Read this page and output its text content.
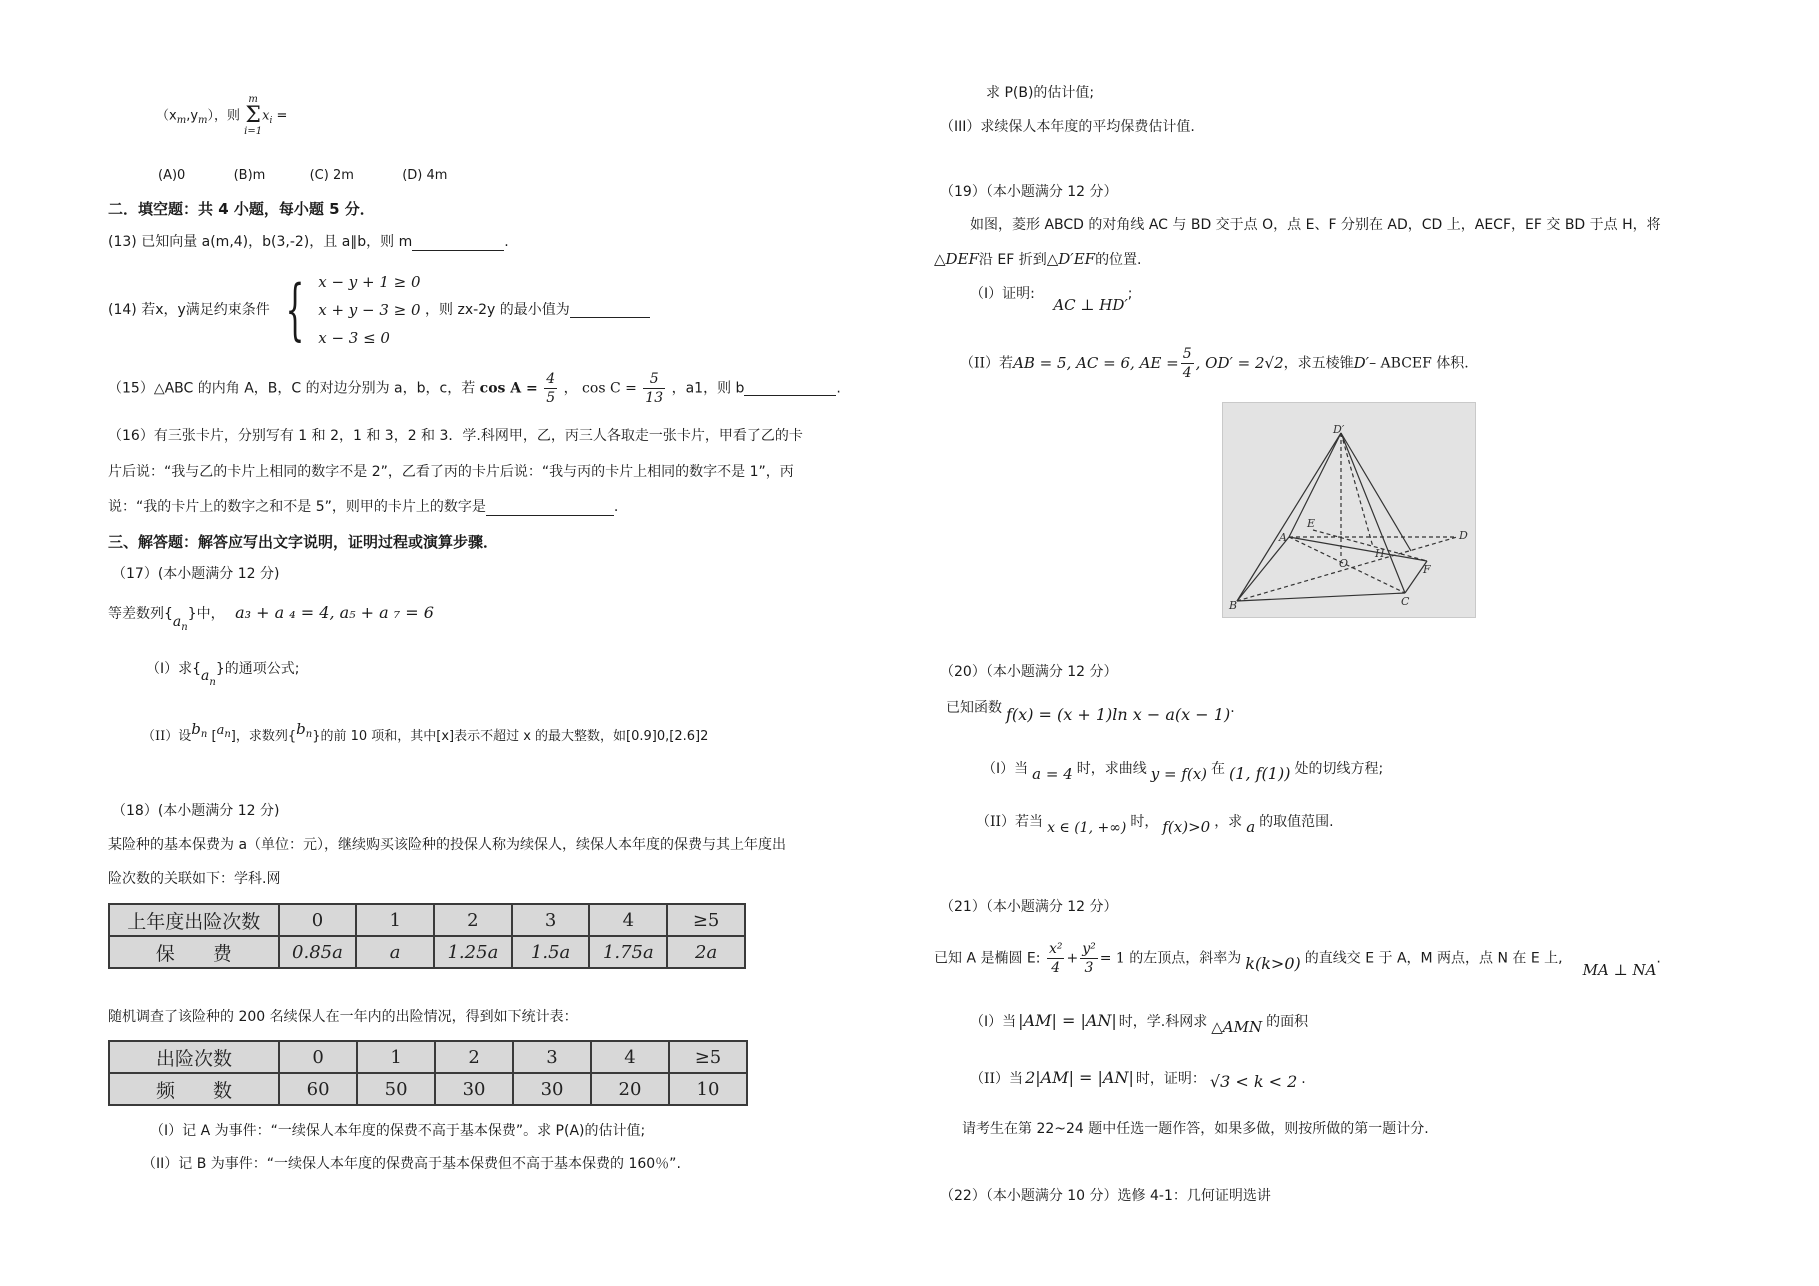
$(x_m,y_m)$，则
m
Σ
i=1
$x_i$ =
(A)0	(B)m	(C) 2m	(D) 4m
二．填空题：共 4 小题，每小题 5 分．
(13) 已知向量 a(m,4)，b(3,-2)，且 a∥b，则 m	.
(14) 若x，y满足约束条件 { x − y + 1 ≥ 0
x + y − 3 ≥ 0
x − 3 ≤ 0
，则 zx-2y 的最小值为
（15）△ABC 的内角 A，B，C 的对边分别为 a，b，c，若 $\cos A = \frac{4}{5}$ ， $\cos C = \frac{5}{13}$ ，a1，则 b	.
（16）有三张卡片，分别写有 1 和 2，1 和 3，2 和 3．学.科网甲，乙，丙三人各取走一张卡片，甲看了乙的卡
片后说：“我与乙的卡片上相同的数字不是 2”，乙看了丙的卡片后说：“我与丙的卡片上相同的数字不是 1”，丙
说：“我的卡片上的数字之和不是 5”，则甲的卡片上的数字是	.
三、解答题：解答应写出文字说明，证明过程或演算步骤．
（17）(本小题满分 12 分)
等差数列$\{a_n\}$中， a₃ + a ₄ = 4, a₅ + a ₇ = 6
（I）求$\{a_n\}$的通项公式;
（II）设$b^n$ $[a^n]$，求数列$\{b^n\}$的前 10 项和，其中[x]表示不超过 x 的最大整数，如[0.9]0,[2.6]2
（18）(本小题满分 12 分)
某险种的基本保费为 a（单位：元），继续购买该险种的投保人称为续保人，续保人本年度的保费与其上年度出
险次数的关联如下：学科.网
上年度出险次数	0	1	2	3	4	≥5
保　　费	0.85a	a	1.25a	1.5a	1.75a	2a
随机调查了该险种的 200 名续保人在一年内的出险情况，得到如下统计表：
出险次数	0	1	2	3	4	≥5
频　　数	60	50	30	30	20	10
（I）记 A 为事件：“一续保人本年度的保费不高于基本保费”。求 P(A)的估计值;
（II）记 B 为事件：“一续保人本年度的保费高于基本保费但不高于基本保费的 160％”.
求 P(B)的估计值;
（III）求续保人本年度的平均保费估计值.
（19）（本小题满分 12 分）
如图，菱形 ABCD 的对角线 AC 与 BD 交于点 O，点 E、F 分别在 AD，CD 上，AECF，EF 交 BD 于点 H，将
△DEF沿 EF 折到△D′EF的位置.
（I）证明: AC ⊥ HD′;
（II）若AB = 5, AC = 6, AE = $\frac{5}{4}$ , OD′ = 2√2，求五棱锥D′– ABCEF 体积.
（20）（本小题满分 12 分）
已知函数 f(x) = (x + 1)ln x − a(x − 1).
（I）当 a = 4 时，求曲线 y = f(x) 在 (1, f(1)) 处的切线方程;
（II）若当 x ∈ (1, +∞) 时， f(x)>0 ，求 a 的取值范围.
（21）（本小题满分 12 分）
已知 A 是椭圆 E: $\frac{\text{x²}}{4} + \frac{\text{y²}}{3} = 1$ 的左顶点，斜率为 k(k>0) 的直线交 E 于 A，M 两点，点 N 在 E 上,MA ⊥ NA.
（I）当 |AM| = |AN| 时，学.科网求 △AMN 的面积
（II）当 2|AM| = |AN| 时，证明： √3 < k < 2 .
请考生在第 22~24 题中任选一题作答，如果多做，则按所做的第一题计分.
（22）（本小题满分 10 分）选修 4-1：几何证明选讲
D′
B	C
D
E
F
O
H
A
